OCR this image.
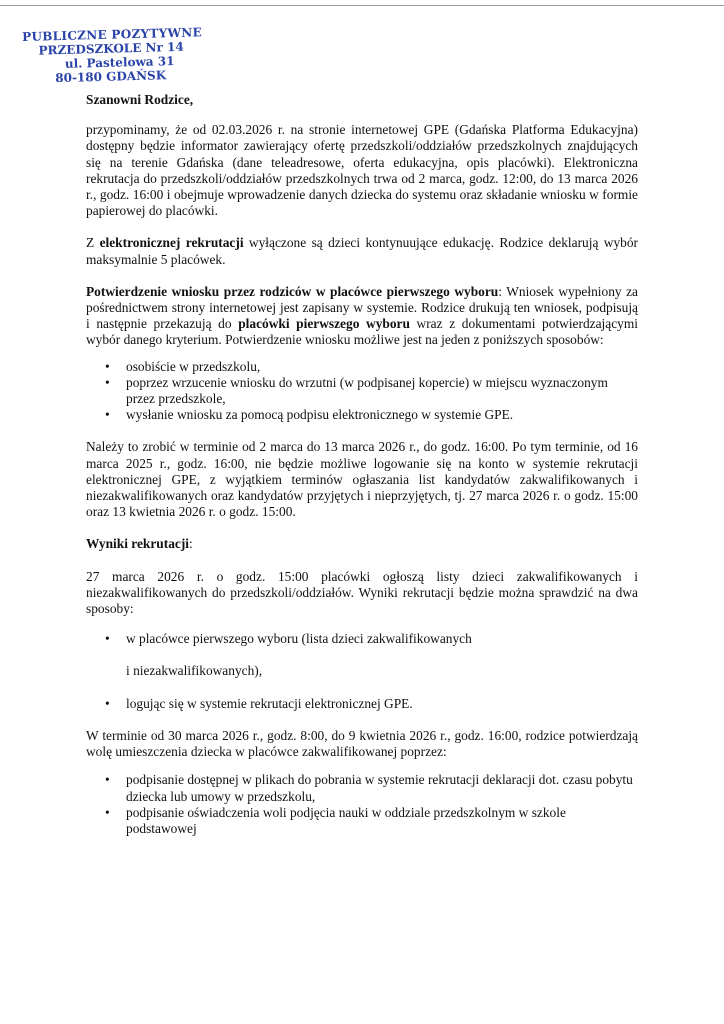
PUBLICZNE POZYTYWNE
PRZEDSZKOLE Nr 14
ul. Pastelowa 31
80-180 GDAŃSK

Szanowni Rodzice,

przypominamy, że od 02.03.2026 r. na stronie internetowej GPE (Gdańska Platforma Edukacyjna) dostępny będzie informator zawierający ofertę przedszkoli/oddziałów przedszkolnych znajdujących się na terenie Gdańska (dane teleadresowe, oferta edukacyjna, opis placówki). Elektroniczna rekrutacja do przedszkoli/oddziałów przedszkolnych trwa od 2 marca, godz. 12:00, do 13 marca 2026 r., godz. 16:00 i obejmuje wprowadzenie danych dziecka do systemu oraz składanie wniosku w formie papierowej do placówki.

Z elektronicznej rekrutacji wyłączone są dzieci kontynuujące edukację. Rodzice deklarują wybór maksymalnie 5 placówek.

Potwierdzenie wniosku przez rodziców w placówce pierwszego wyboru: Wniosek wypełniony za pośrednictwem strony internetowej jest zapisany w systemie. Rodzice drukują ten wniosek, podpisują i następnie przekazują do placówki pierwszego wyboru wraz z dokumentami potwierdzającymi wybór danego kryterium. Potwierdzenie wniosku możliwe jest na jeden z poniższych sposobów:

• osobiście w przedszkolu,
• poprzez wrzucenie wniosku do wrzutni (w podpisanej kopercie) w miejscu wyznaczonym przez przedszkole,
• wysłanie wniosku za pomocą podpisu elektronicznego w systemie GPE.

Należy to zrobić w terminie od 2 marca do 13 marca 2026 r., do godz. 16:00. Po tym terminie, od 16 marca 2025 r., godz. 16:00, nie będzie możliwe logowanie się na konto w systemie rekrutacji elektronicznej GPE, z wyjątkiem terminów ogłaszania list kandydatów zakwalifikowanych i niezakwalifikowanych oraz kandydatów przyjętych i nieprzyjętych, tj. 27 marca 2026 r. o godz. 15:00 oraz 13 kwietnia 2026 r. o godz. 15:00.

Wyniki rekrutacji:

27 marca 2026 r. o godz. 15:00 placówki ogłoszą listy dzieci zakwalifikowanych i niezakwalifikowanych do przedszkoli/oddziałów. Wyniki rekrutacji będzie można sprawdzić na dwa sposoby:

• w placówce pierwszego wyboru (lista dzieci zakwalifikowanych
i niezakwalifikowanych),
• logując się w systemie rekrutacji elektronicznej GPE.

W terminie od 30 marca 2026 r., godz. 8:00, do 9 kwietnia 2026 r., godz. 16:00, rodzice potwierdzają wolę umieszczenia dziecka w placówce zakwalifikowanej poprzez:

• podpisanie dostępnej w plikach do pobrania w systemie rekrutacji deklaracji dot. czasu pobytu dziecka lub umowy w przedszkolu,
• podpisanie oświadczenia woli podjęcia nauki w oddziale przedszkolnym w szkole podstawowej
